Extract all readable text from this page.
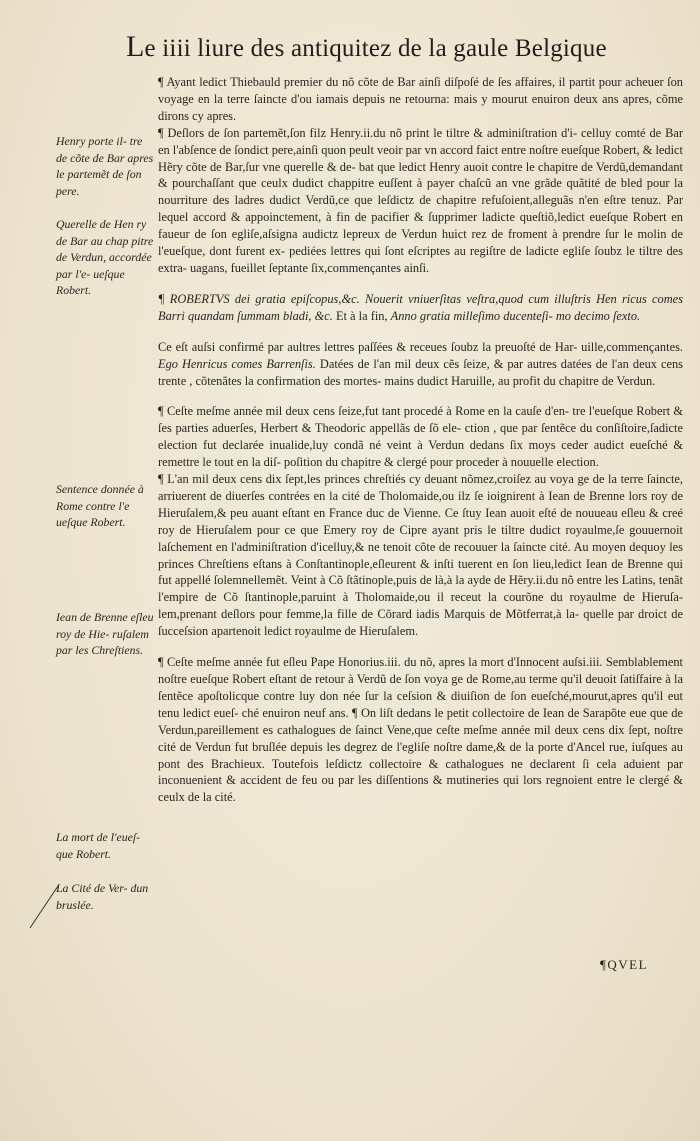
Le iiii liure des antiquitez de la gaule Belgique
Henry porte il- tre de cõte de Bar apres le partemẽt de ſon pere.
Querelle de Hen ry de Bar au chap pitre de Verdun, accordée par l'e- ueſque Robert.
Sentence donnée à Rome contre l'e ueſque Robert.
Iean de Brenne eſleu roy de Hie- ruſalem par les Chreſtiens.
La mort de l'eueſ- que Robert.
La Cité de Ver- dun bruslée.

¶ Ayant ledict Thiebauld premier du nõ cõte de Bar ainſi diſpoſé de ſes affaires, il partit pour acheuer ſon voyage en la terre ſaincte d'ou iamais depuis ne retourna: mais y mourut enuiron deux ans apres, cõme dirons cy apres.

¶ Deſlors de ſon partemẽt,ſon filz Henry.ii.du nõ print le tiltre & adminiſtration d'i- celluy comté de Bar en l'abſence de ſondict pere,ainſi quon peult veoir par vn accord faict entre noſtre eueſque Robert, & ledict Hẽry cõte de Bar,ſur vne querelle & de- bat que ledict Henry auoit contre le chapitre de Verdũ,demandant & pourchaſſant que ceulx dudict chappitre euſſent à payer chaſcũ an vne grãde quãtité de bled pour la nourriture des ladres dudict Verdũ,ce que leſdictz de chapitre refuſoient,alleguãs n'en eſtre tenuz. Par lequel accord & appoinctement, à fin de pacifier & ſupprimer ladicte queſtiõ,ledict eueſque Robert en faueur de ſon egliſe,aſsigna audictz lepreux de Verdun huict rez de froment à prendre ſur le molin de l'eueſque, dont furent ex- pediées lettres qui ſont eſcriptes au regiſtre de ladicte egliſe ſoubz le tiltre des extra- uagans, fueillet ſeptante ſix,commençantes ainſi.

¶ ROBERTVS dei gratia epiſcopus,&c. Nouerit vniuerſitas veſtra,quod cum illuſtris Hen ricus comes Barri quandam ſummam bladi, &c. Et à la fin, Anno gratia milleſimo ducenteſi- mo decimo ſexto.

Ce eſt auſsi confirmé par aultres lettres paſſées & receues ſoubz la preuoſté de Har- uille,commençantes. Ego Henricus comes Barrenſis. Datées de l'an mil deux cẽs ſeize, & par autres datées de l'an deux cens trente , cõtenãtes la confirmation des mortes- mains dudict Haruille, au profit du chapitre de Verdun.

¶ Ceſte meſme année mil deux cens ſeize,fut tant procedé à Rome en la cauſe d'en- tre l'eueſque Robert & ſes parties aduerſes, Herbert & Theodoric appellãs de ſõ ele- ction , que par ſentẽce du conſiſtoire,ſadicte election fut declarée inualide,luy condã né veint à Verdun dedans ſix moys ceder audict eueſché & remettre le tout en la diſ- poſition du chapitre & clergé pour proceder à nouuelle election.

¶ L'an mil deux cens dix ſept,les princes chreſtiés cy deuant nõmez,croiſez au voya ge de la terre ſaincte, arriuerent de diuerſes contrées en la cité de Tholomaide,ou ilz ſe ioignirent à Iean de Brenne lors roy de Hieruſalem,& peu auant eſtant en France duc de Vienne. Ce ſtuy Iean auoit eſté de nouueau eſleu & creé roy de Hieruſalem pour ce que Emery roy de Cipre ayant pris le tiltre dudict royaulme,ſe gouuernoit laſchement en l'adminiſtration d'icelluy,& ne tenoit cõte de recouuer la ſaincte cité. Au moyen dequoy les princes Chreſtiens eſtans à Conſtantinople,eſleurent & inſti tuerent en ſon lieu,ledict Iean de Brenne qui fut appellé ſolemnellemẽt. Veint à Cõ ſtãtinople,puis de là,à la ayde de Hẽry.ii.du nõ entre les Latins, tenãt l'empire de Cõ ſtantinople,paruint à Tholomaide,ou il receut la courõne du royaulme de Hieruſa- lem,prenant deſlors pour femme,la fille de Cõrard iadis Marquis de Mõtferrat,à la- quelle par droict de ſucceſsion apartenoit ledict royaulme de Hieruſalem.

¶ Ceſte meſme année fut eſleu Pape Honorius.iii. du nõ, apres la mort d'Innocent auſsi.iii. Semblablement noſtre eueſque Robert eſtant de retour à Verdũ de ſon voya ge de Rome,au terme qu'il deuoit ſatiſfaire à la ſentẽce apoſtolicque contre luy don née ſur la ceſsion & diuiſion de ſon eueſché,mourut,apres qu'il eut tenu ledict eueſ- ché enuiron neuf ans. ¶ On liſt dedans le petit collectoire de Iean de Sarapõte eue que de Verdun,pareillement es cathalogues de ſainct Vene,que ceſte meſme année mil deux cens dix ſept, noſtre cité de Verdun fut bruſlée depuis les degrez de l'egliſe noſtre dame,& de la porte d'Ancel rue, iuſques au pont des Brachieux. Toutefois leſdictz collectoire & cathalogues ne declarent ſi cela aduient par inconuenient & accident de feu ou par les diſſentions & mutineries qui lors regnoient entre le clergé & ceulx de la cité.

¶QVEL
